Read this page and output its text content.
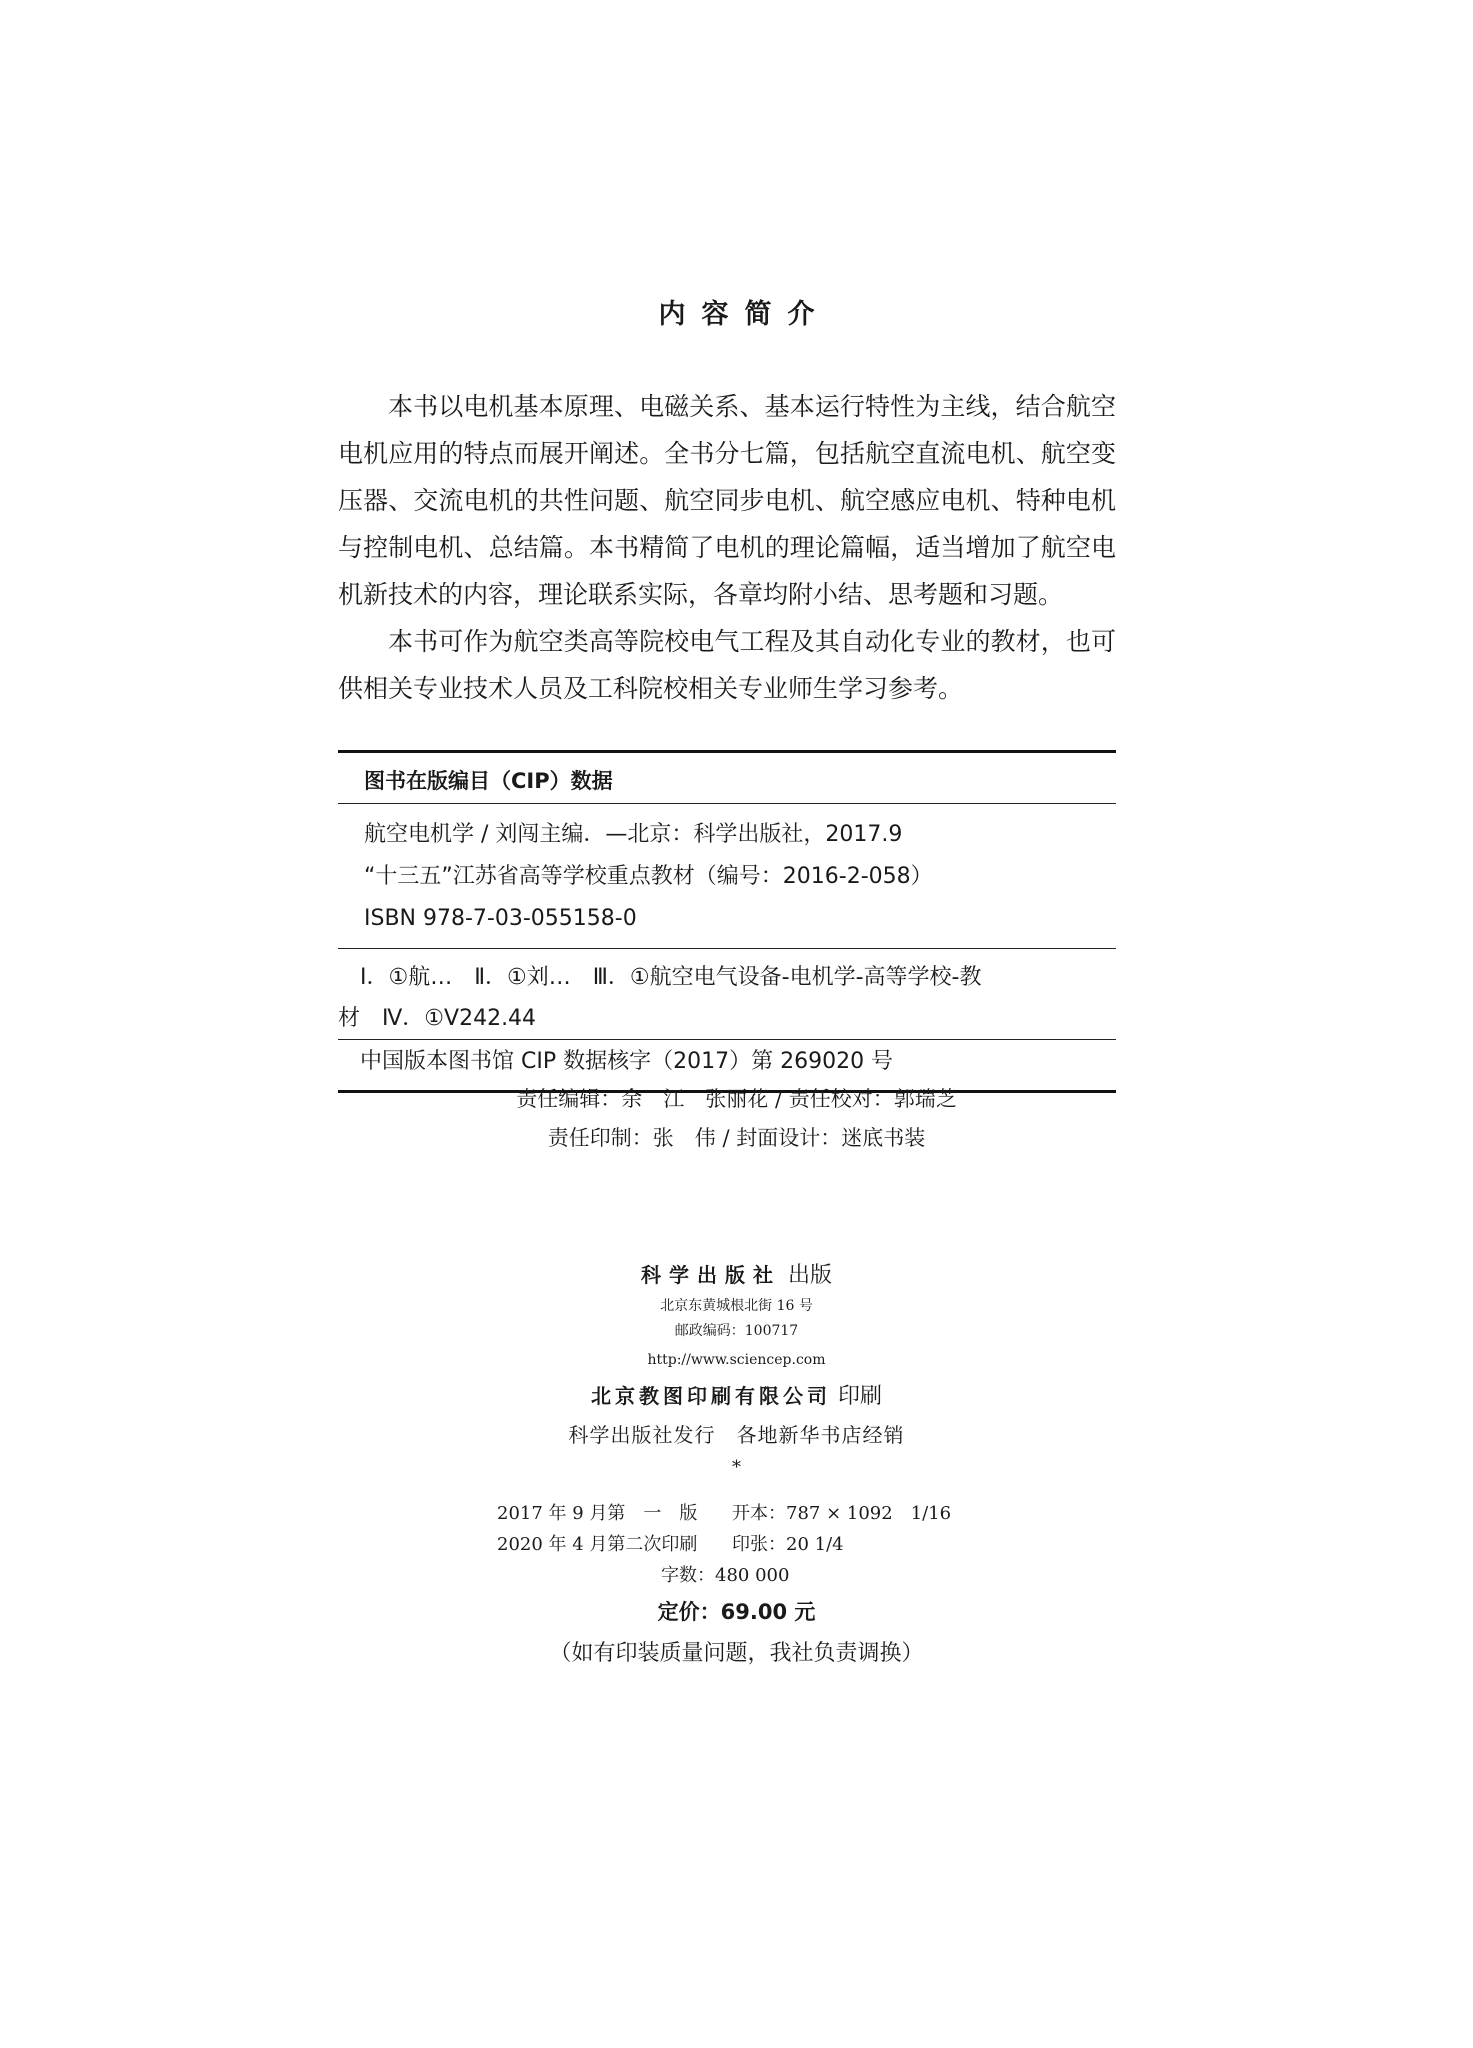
内容简介

本书以电机基本原理、电磁关系、基本运行特性为主线，结合航空电机应用的特点而展开阐述。全书分七篇，包括航空直流电机、航空变压器、交流电机的共性问题、航空同步电机、航空感应电机、特种电机与控制电机、总结篇。本书精简了电机的理论篇幅，适当增加了航空电机新技术的内容，理论联系实际，各章均附小结、思考题和习题。

本书可作为航空类高等院校电气工程及其自动化专业的教材，也可供相关专业技术人员及工科院校相关专业师生学习参考。

图书在版编目（CIP）数据
航空电机学 / 刘闯主编．—北京：科学出版社，2017.9
“十三五”江苏省高等学校重点教材（编号：2016-2-058）
ISBN 978-7-03-055158-0
Ⅰ．①航…　Ⅱ．①刘…　Ⅲ．①航空电气设备-电机学-高等学校-教
材　Ⅳ．①V242.44
中国版本图书馆 CIP 数据核字（2017）第 269020 号
责任编辑：余　江　张丽花 / 责任校对：郭瑞芝
责任印制：张　伟 / 封面设计：迷底书装
科学出版社 出版
北京东黄城根北街 16 号
邮政编码：100717
http://www.sciencep.com
北京教图印刷有限公司 印刷
科学出版社发行　各地新华书店经销
*
2017 年 9 月第　一　版 开本：787 × 1092　1/16
2020 年 4 月第二次印刷 印张：20 1/4
字数：480 000
定价：69.00 元
（如有印装质量问题，我社负责调换）
